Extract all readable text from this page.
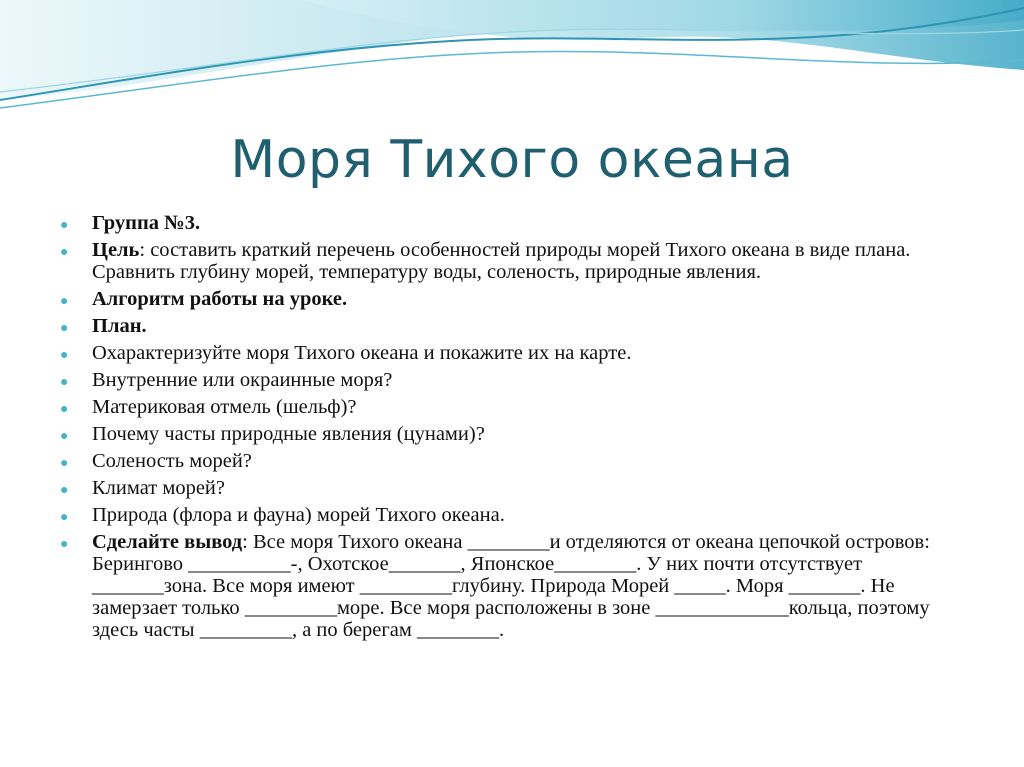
Моря Тихого океана
● Группа №3.
● Цель: составить краткий перечень особенностей природы морей Тихого океана в виде плана. Сравнить глубину морей, температуру воды, соленость, природные явления.
● Алгоритм работы на уроке.
● План.
● Охарактеризуйте моря Тихого океана и покажите их на карте.
● Внутренние или окраинные моря?
● Материковая отмель (шельф)?
● Почему часты природные явления (цунами)?
● Соленость морей?
● Климат морей?
● Природа (флора и фауна) морей Тихого океана.
● Сделайте вывод: Все моря Тихого океана ________и отделяются от океана цепочкой островов: Берингово __________-, Охотское_______, Японское________. У них почти отсутствует _______зона. Все моря имеют _________глубину. Природа Морей _____. Моря _______. Не замерзает только _________море. Все моря расположены в зоне _____________кольца, поэтому здесь часты _________, а по берегам ________.
